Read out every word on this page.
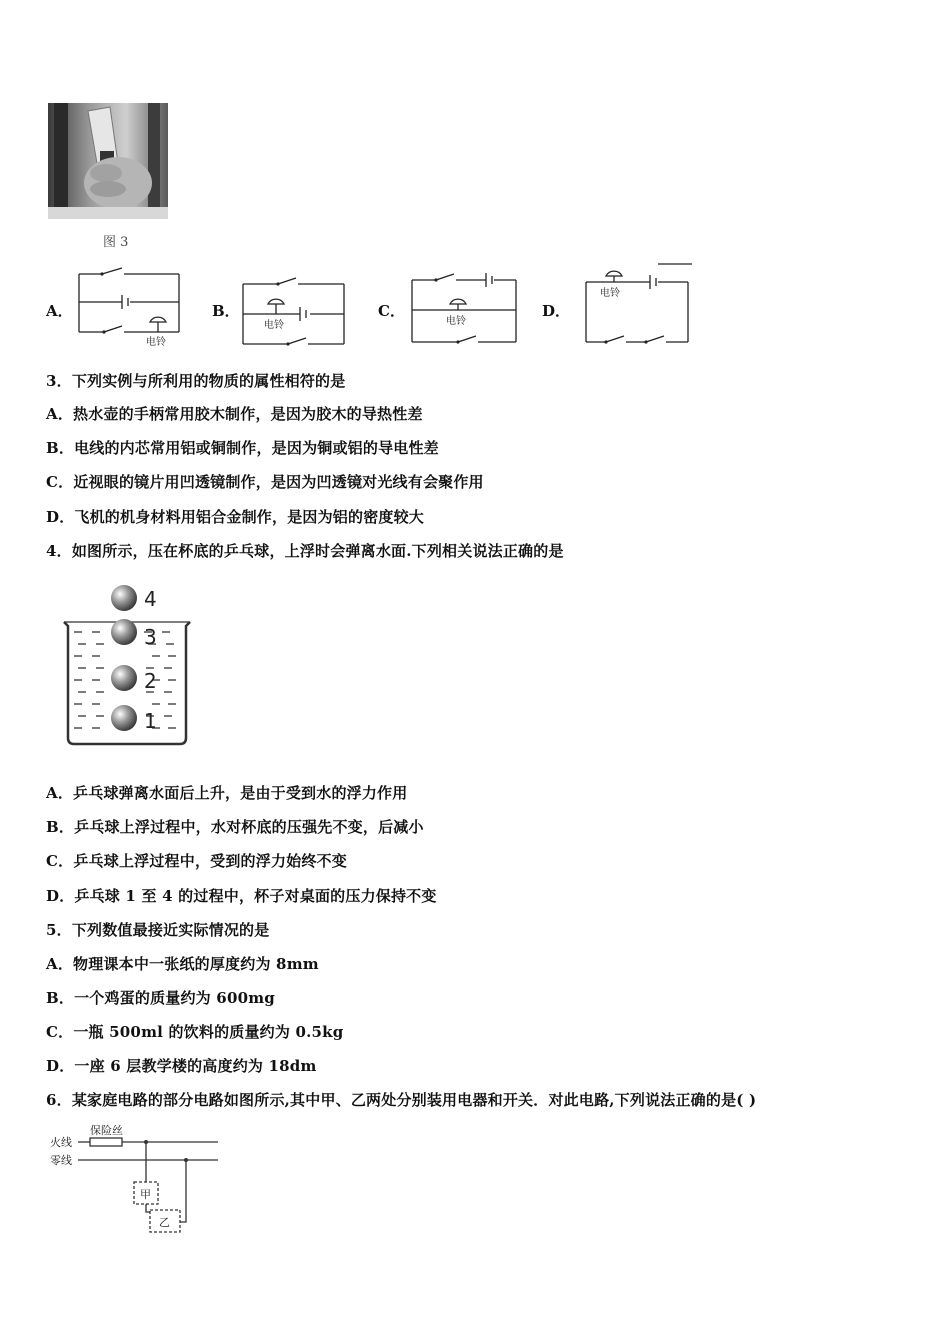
图 3
A．
电铃
B．
电铃
C．
电铃
D．
电铃
3．下列实例与所利用的物质的属性相符的是
A．热水壶的手柄常用胶木制作，是因为胶木的导热性差
B．电线的内芯常用铝或铜制作，是因为铜或铝的导电性差
C．近视眼的镜片用凹透镜制作，是因为凹透镜对光线有会聚作用
D．飞机的机身材料用铝合金制作，是因为铝的密度较大
4．如图所示，压在杯底的乒乓球，上浮时会弹离水面.下列相关说法正确的是
4
3
2
1
A．乒乓球弹离水面后上升，是由于受到水的浮力作用
B．乒乓球上浮过程中，水对杯底的压强先不变，后减小
C．乒乓球上浮过程中，受到的浮力始终不变
D．乒乓球 1 至 4 的过程中，杯子对桌面的压力保持不变
5．下列数值最接近实际情况的是
A．物理课本中一张纸的厚度约为 8mm
B．一个鸡蛋的质量约为 600mg
C．一瓶 500ml 的饮料的质量约为 0.5kg
D．一座 6 层教学楼的高度约为 18dm
6．某家庭电路的部分电路如图所示,其中甲、乙两处分别装用电器和开关．对此电路,下列说法正确的是( )
火线
零线
保险丝
甲
乙
